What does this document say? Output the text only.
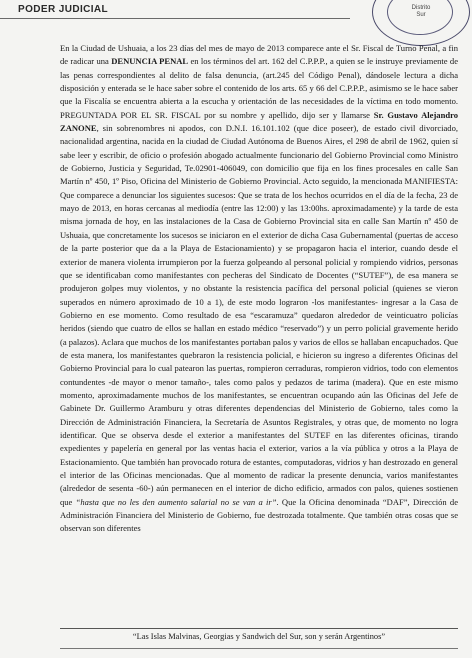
PODER JUDICIAL	Distrito
Sur

En la Ciudad de Ushuaia, a los 23 días del mes de mayo de 2013 comparece ante el Sr. Fiscal de Turno Penal, a fin de radicar una DENUNCIA PENAL en los términos del art. 162 del C.P.P.P., a quien se le instruye previamente de las penas correspondientes al delito de falsa denuncia, (art.245 del Código Penal), dándosele lectura a dicha disposición y enterada se le hace saber sobre el contenido de los arts. 65 y 66 del C.P.P.P., asimismo se le hace saber que la Fiscalía se encuentra abierta a la escucha y orientación de las necesidades de la víctima en todo momento. PREGUNTADA POR EL SR. FISCAL por su nombre y apellido, dijo ser y llamarse Sr. Gustavo Alejandro ZANONE, sin sobrenombres ni apodos, con D.N.I. 16.101.102 (que dice poseer), de estado civil divorciado, nacionalidad argentina, nacida en la ciudad de Ciudad Autónoma de Buenos Aires, el 298 de abril de 1962, quien sí sabe leer y escribir, de oficio o profesión abogado actualmente funcionario del Gobierno Provincial como Ministro de Gobierno, Justicia y Seguridad, Te.02901-406049, con domicilio que fija en los fines procesales en calle San Martín nº 450, 1º Piso, Oficina del Ministerio de Gobierno Provincial. Acto seguido, la mencionada MANIFIESTA: Que comparece a denunciar los siguientes sucesos: Que se trata de los hechos ocurridos en el día de la fecha, 23 de mayo de 2013, en horas cercanas al mediodía (entre las 12:00) y las 13:00hs. aproximadamente) y la tarde de esta misma jornada de hoy, en las instalaciones de la Casa de Gobierno Provincial sita en calle San Martín nº 450 de Ushuaia, que concretamente los sucesos se iniciaron en el exterior de dicha Casa Gubernamental (puertas de acceso de la parte posterior que da a la Playa de Estacionamiento) y se propagaron hacia el interior, cuando desde el exterior de manera violenta irrumpieron por la fuerza golpeando al personal policial y rompiendo vidrios, personas que se identificaban como manifestantes con pecheras del Sindicato de Docentes (“SUTEF”), de esa manera se produjeron golpes muy violentos, y no obstante la resistencia pacífica del personal policial (quienes se vieron superados en número aproximado de 10 a 1), de este modo lograron -los manifestantes- ingresar a la Casa de Gobierno en ese momento. Como resultado de esa “escaramuza” quedaron alrededor de veinticuatro policías heridos (siendo que cuatro de ellos se hallan en estado médico “reservado”) y un perro policial gravemente herido (a palazos). Aclara que muchos de los manifestantes portaban palos y varios de ellos se hallaban encapuchados. Que de esta manera, los manifestantes quebraron la resistencia policial, e hicieron su ingreso a diferentes Oficinas del Gobierno Provincial para lo cual patearon las puertas, rompieron cerraduras, rompieron vidrios, todo con elementos contundentes -de mayor o menor tamaño-, tales como palos y pedazos de tarima (madera). Que en este mismo momento, aproximadamente muchos de los manifestantes, se encuentran ocupando aún las Oficinas del Jefe de Gabinete Dr. Guillermo Aramburu y otras diferentes dependencias del Ministerio de Gobierno, tales como la Dirección de Administración Financiera, la Secretaría de Asuntos Registrales, y otras que, de momento no logra identificar. Que se observa desde el exterior a manifestantes del SUTEF en las diferentes oficinas, tirando expedientes y papelería en general por las ventas hacia el exterior, varios a la vía pública y otros a la Playa de Estacionamiento. Que también han provocado rotura de estantes, computadoras, vidrios y han destrozado en general el interior de las Oficinas mencionadas. Que al momento de radicar la presente denuncia, varios manifestantes (alrededor de sesenta -60-) aún permanecen en el interior de dicho edificio, armados con palos, quienes sostienen que “hasta que no les den aumento salarial no se van a ir”. Que la Oficina denominada “DAF”, Dirección de Administración Financiera del Ministerio de Gobierno, fue destrozada totalmente. Que también otras cosas que se observan son diferentes

“Las Islas Malvinas, Georgias y Sandwich del Sur, son y serán Argentinos”
